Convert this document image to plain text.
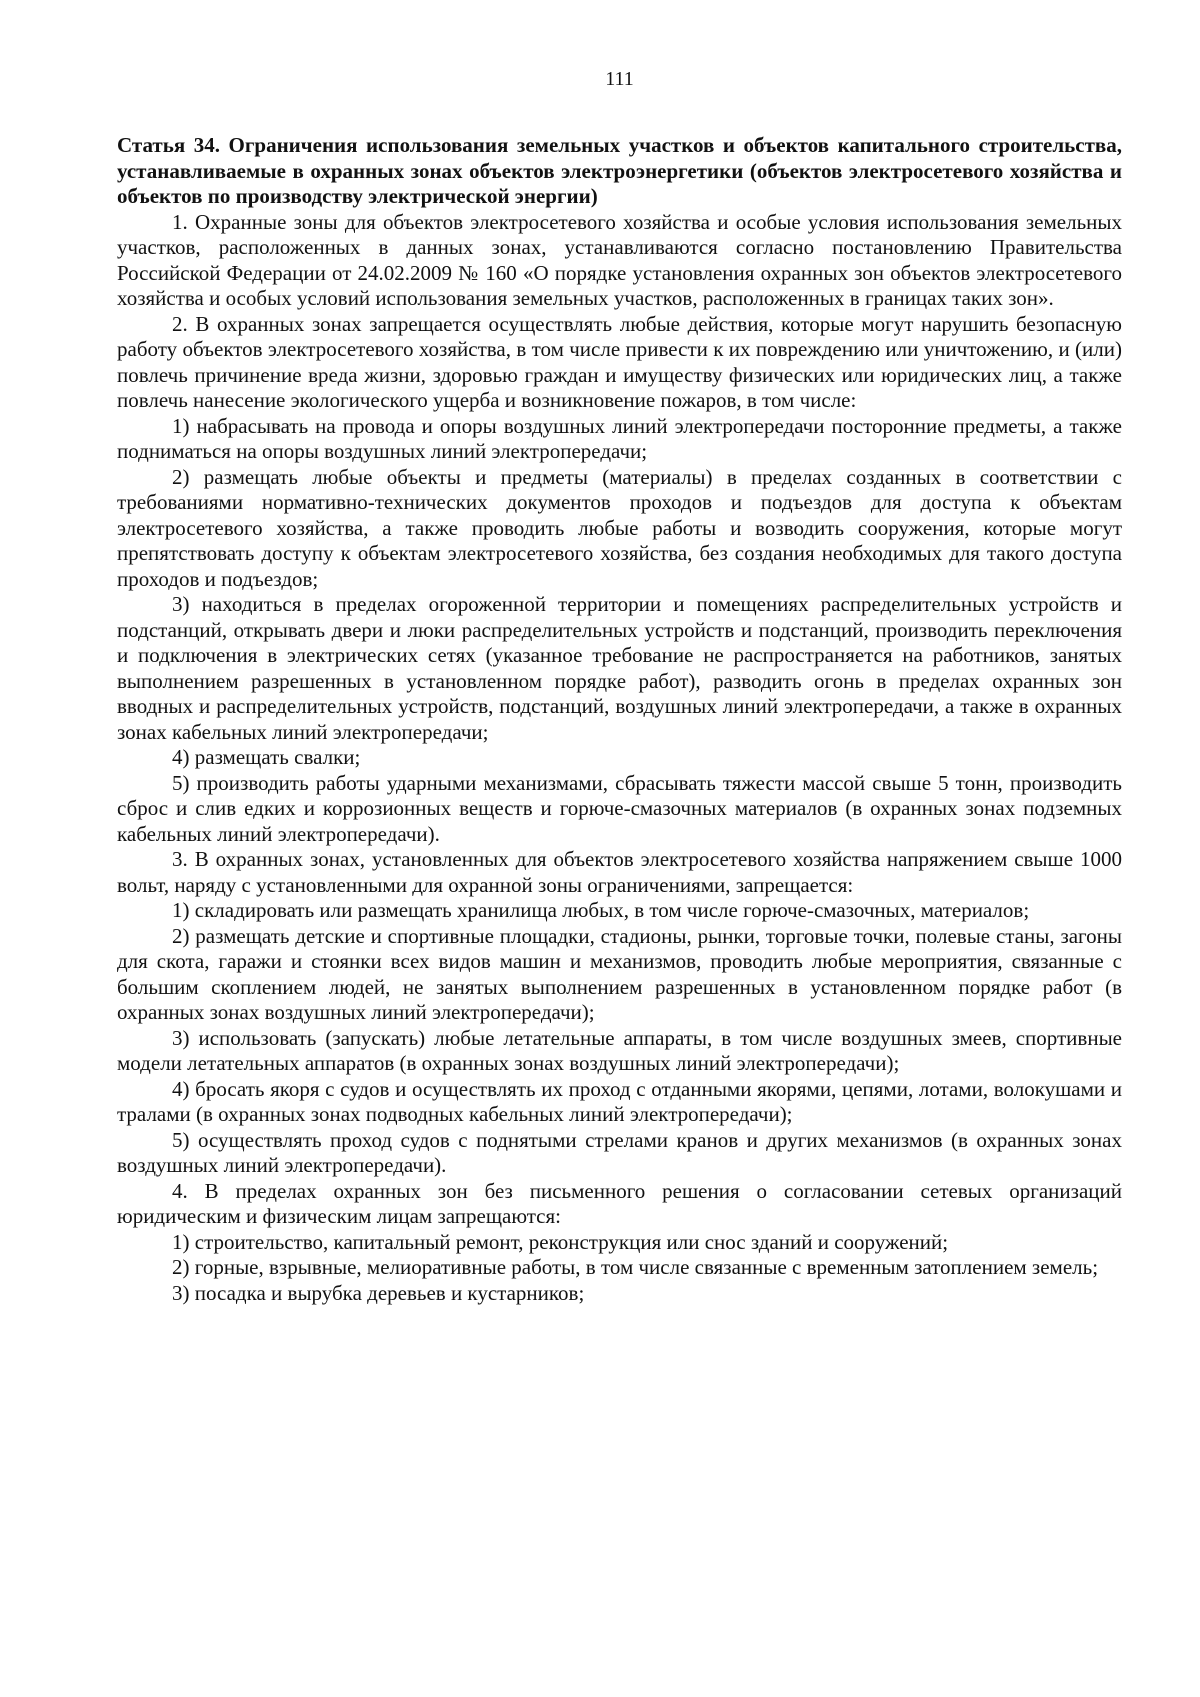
111

Статья 34. Ограничения использования земельных участков и объектов капитального строительства, устанавливаемые в охранных зонах объектов электроэнергетики (объектов электросетевого хозяйства и объектов по производству электрической энергии)

1. Охранные зоны для объектов электросетевого хозяйства и особые условия использования земельных участков, расположенных в данных зонах, устанавливаются согласно постановлению Правительства Российской Федерации от 24.02.2009 № 160 «О порядке установления охранных зон объектов электросетевого хозяйства и особых условий использования земельных участков, расположенных в границах таких зон».

2. В охранных зонах запрещается осуществлять любые действия, которые могут нарушить безопасную работу объектов электросетевого хозяйства, в том числе привести к их повреждению или уничтожению, и (или) повлечь причинение вреда жизни, здоровью граждан и имуществу физических или юридических лиц, а также повлечь нанесение экологического ущерба и возникновение пожаров, в том числе:

1) набрасывать на провода и опоры воздушных линий электропередачи посторонние предметы, а также подниматься на опоры воздушных линий электропередачи;

2) размещать любые объекты и предметы (материалы) в пределах созданных в соответствии с требованиями нормативно-технических документов проходов и подъездов для доступа к объектам электросетевого хозяйства, а также проводить любые работы и возводить сооружения, которые могут препятствовать доступу к объектам электросетевого хозяйства, без создания необходимых для такого доступа проходов и подъездов;

3) находиться в пределах огороженной территории и помещениях распределительных устройств и подстанций, открывать двери и люки распределительных устройств и подстанций, производить переключения и подключения в электрических сетях (указанное требование не распространяется на работников, занятых выполнением разрешенных в установленном порядке работ), разводить огонь в пределах охранных зон вводных и распределительных устройств, подстанций, воздушных линий электропередачи, а также в охранных зонах кабельных линий электропередачи;

4) размещать свалки;

5) производить работы ударными механизмами, сбрасывать тяжести массой свыше 5 тонн, производить сброс и слив едких и коррозионных веществ и горюче-смазочных материалов (в охранных зонах подземных кабельных линий электропередачи).

3. В охранных зонах, установленных для объектов электросетевого хозяйства напряжением свыше 1000 вольт, наряду с установленными для охранной зоны ограничениями, запрещается:

1) складировать или размещать хранилища любых, в том числе горюче-смазочных, материалов;

2) размещать детские и спортивные площадки, стадионы, рынки, торговые точки, полевые станы, загоны для скота, гаражи и стоянки всех видов машин и механизмов, проводить любые мероприятия, связанные с большим скоплением людей, не занятых выполнением разрешенных в установленном порядке работ (в охранных зонах воздушных линий электропередачи);

3) использовать (запускать) любые летательные аппараты, в том числе воздушных змеев, спортивные модели летательных аппаратов (в охранных зонах воздушных линий электропередачи);

4) бросать якоря с судов и осуществлять их проход с отданными якорями, цепями, лотами, волокушами и тралами (в охранных зонах подводных кабельных линий электропередачи);

5) осуществлять проход судов с поднятыми стрелами кранов и других механизмов (в охранных зонах воздушных линий электропередачи).

4. В пределах охранных зон без письменного решения о согласовании сетевых организаций юридическим и физическим лицам запрещаются:

1) строительство, капитальный ремонт, реконструкция или снос зданий и сооружений;

2) горные, взрывные, мелиоративные работы, в том числе связанные с временным затоплением земель;

3) посадка и вырубка деревьев и кустарников;
